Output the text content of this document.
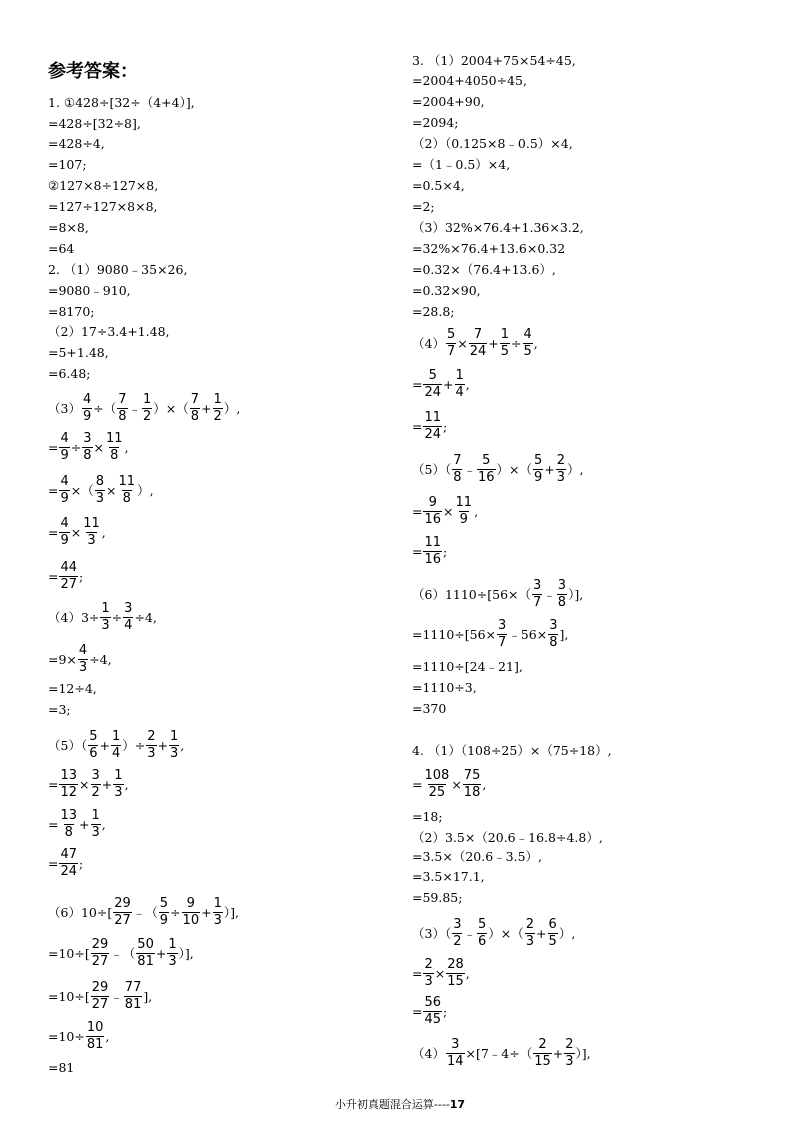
参考答案：
1. ①428÷[32÷（4+4）],
=428÷[32÷8],
=428÷4,
=107;
②127×8÷127×8,
=127÷127×8×8,
=8×8,
=64
2. （1）9080﹣35×26,
=9080﹣910,
=8170;
（2）17÷3.4+1.48,
=5+1.48,
=6.48;
$(3) \frac{4}{9}$ ÷（ $\frac{7}{8}$ ﹣ $\frac{1}{2}$ ）×（ $\frac{7}{8} + \frac{1}{2}$ ）,
= $\frac{4}{9} \div \frac{3}{8} \times \frac{11}{8}$ ,
= $\frac{4}{9}$ ×（ $\frac{8}{3} \times \frac{11}{8}$ ）,
= $\frac{4}{9} \times \frac{11}{3}$ ,
= $\frac{44}{27}$ ;
$(4)3\div \frac{1}{3} \div \frac{3}{4} \div 4$,
$=9\times \frac{4}{3} \div 4$,
=12÷4,
=3;
$(5)( \frac{5}{6} + \frac{1}{4}$ ）÷ $\frac{2}{3} + \frac{1}{3}$ ,
= $\frac{13}{12} \times \frac{3}{2} + \frac{1}{3}$ ,
= $\frac{13}{8} + \frac{1}{3}$ ,
= $\frac{47}{24}$ ;
$(6)10\div[ \frac{29}{27}$ ﹣（ $\frac{5}{9} \div \frac{9}{10} + \frac{1}{3}$ ）],
$=10\div[ \frac{29}{27}$ ﹣（ $\frac{50}{81} + \frac{1}{3}$ ）],
$=10\div[ \frac{29}{27}$ ﹣ $\frac{77}{81}$ ],
$=10\div \frac{10}{81}$ ,
=81
3. （1）2004+75×54÷45,
=2004+4050÷45,
=2004+90,
=2094;
（2）（0.125×8﹣0.5）×4,
=（1﹣0.5）×4,
=0.5×4,
=2;
（3）32%×76.4+1.36×3.2,
=32%×76.4+13.6×0.32
=0.32×（76.4+13.6）,
=0.32×90,
=28.8;
$(4) \frac{5}{7} \times \frac{7}{24} + \frac{1}{5} \div \frac{4}{5}$ ,
= $\frac{5}{24} + \frac{1}{4}$ ,
= $\frac{11}{24}$ ;
$(5)( \frac{7}{8}$ ﹣ $\frac{5}{16}$ ）×（ $\frac{5}{9} + \frac{2}{3}$ ）,
= $\frac{9}{16} \times \frac{11}{9}$ ,
= $\frac{11}{16}$ ;
$(6)1110\div[56\times( \frac{3}{7}$ ﹣ $\frac{3}{8}$ ）],
$=1110\div[56\times \frac{3}{7}$ ﹣56× $\frac{3}{8}$ ],
=1110÷[24﹣21],
=1110÷3,
=370
4. （1）（108÷25）×（75÷18）,
= $\frac{108}{25} \times \frac{75}{18}$ ,
=18;
（2）3.5×（20.6﹣16.8÷4.8）,
=3.5×（20.6﹣3.5）,
=3.5×17.1,
=59.85;
$(3)( \frac{3}{2}$ ﹣ $\frac{5}{6}$ ）×（ $\frac{2}{3} + \frac{6}{5}$ ）,
= $\frac{2}{3} \times \frac{28}{15}$ ,
= $\frac{56}{45}$ ;
$(4) \frac{3}{14}$ ×[7﹣4÷（ $\frac{2}{15} + \frac{2}{3}$ ）],
小升初真题混合运算----17
